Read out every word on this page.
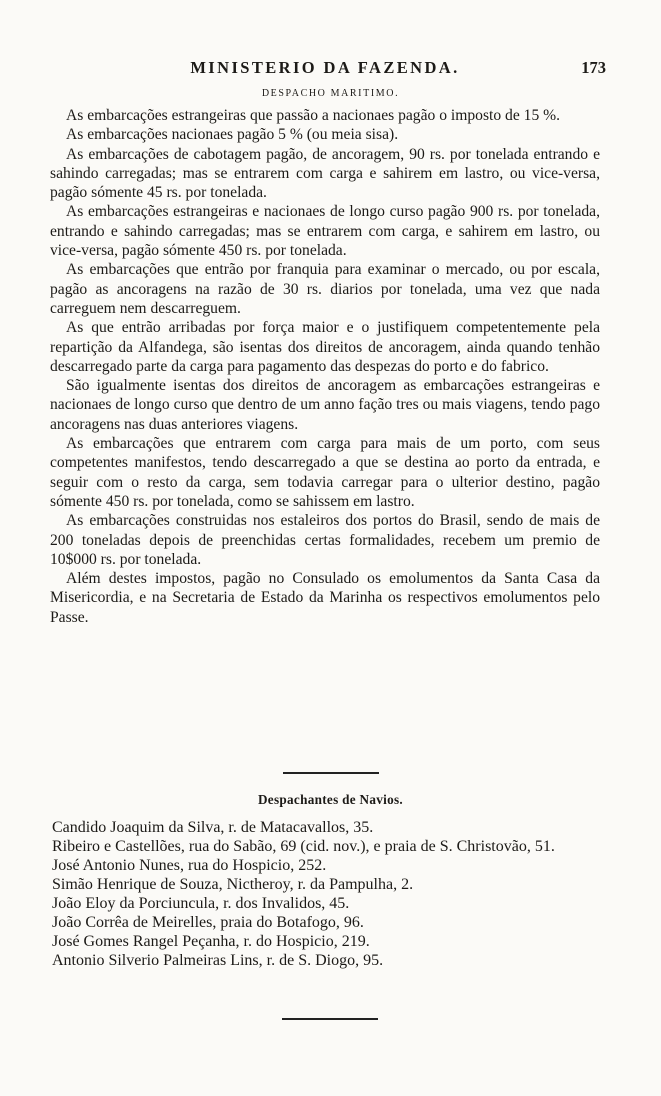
MINISTERIO DA FAZENDA.	173
DESPACHO MARITIMO.

As embarcações estrangeiras que passão a nacionaes pagão o imposto de 15 %.

As embarcações nacionaes pagão 5 % (ou meia sisa).

As embarcações de cabotagem pagão, de ancoragem, 90 rs. por tonelada entrando e sahindo carregadas; mas se entrarem com carga e sahirem em lastro, ou vice-versa, pagão sómente 45 rs. por tonelada.

As embarcações estrangeiras e nacionaes de longo curso pagão 900 rs. por tonelada, entrando e sahindo carregadas; mas se entrarem com carga, e sahirem em lastro, ou vice-versa, pagão sómente 450 rs. por tonelada.

As embarcações que entrão por franquia para examinar o mercado, ou por escala, pagão as ancoragens na razão de 30 rs. diarios por tonelada, uma vez que nada carreguem nem descarreguem.

As que entrão arribadas por força maior e o justifiquem competentemente pela repartição da Alfandega, são isentas dos direitos de ancoragem, ainda quando tenhão descarregado parte da carga para pagamento das despezas do porto e do fabrico.

São igualmente isentas dos direitos de ancoragem as embarcações estrangeiras e nacionaes de longo curso que dentro de um anno fação tres ou mais viagens, tendo pago ancoragens nas duas anteriores viagens.

As embarcações que entrarem com carga para mais de um porto, com seus competentes manifestos, tendo descarregado a que se destina ao porto da entrada, e seguir com o resto da carga, sem todavia carregar para o ulterior destino, pagão sómente 450 rs. por tonelada, como se sahissem em lastro.

As embarcações construidas nos estaleiros dos portos do Brasil, sendo de mais de 200 toneladas depois de preenchidas certas formalidades, recebem um premio de 10$000 rs. por tonelada.

Além destes impostos, pagão no Consulado os emolumentos da Santa Casa da Misericordia, e na Secretaria de Estado da Marinha os respectivos emolumentos pelo Passe.

Despachantes de Navios.
Candido Joaquim da Silva, r. de Matacavallos, 35.
Ribeiro e Castellões, rua do Sabão, 69 (cid. nov.), e praia de S. Christovão, 51.
José Antonio Nunes, rua do Hospicio, 252.
Simão Henrique de Souza, Nictheroy, r. da Pampulha, 2.
João Eloy da Porciuncula, r. dos Invalidos, 45.
João Corrêa de Meirelles, praia do Botafogo, 96.
José Gomes Rangel Peçanha, r. do Hospicio, 219.
Antonio Silverio Palmeiras Lins, r. de S. Diogo, 95.
